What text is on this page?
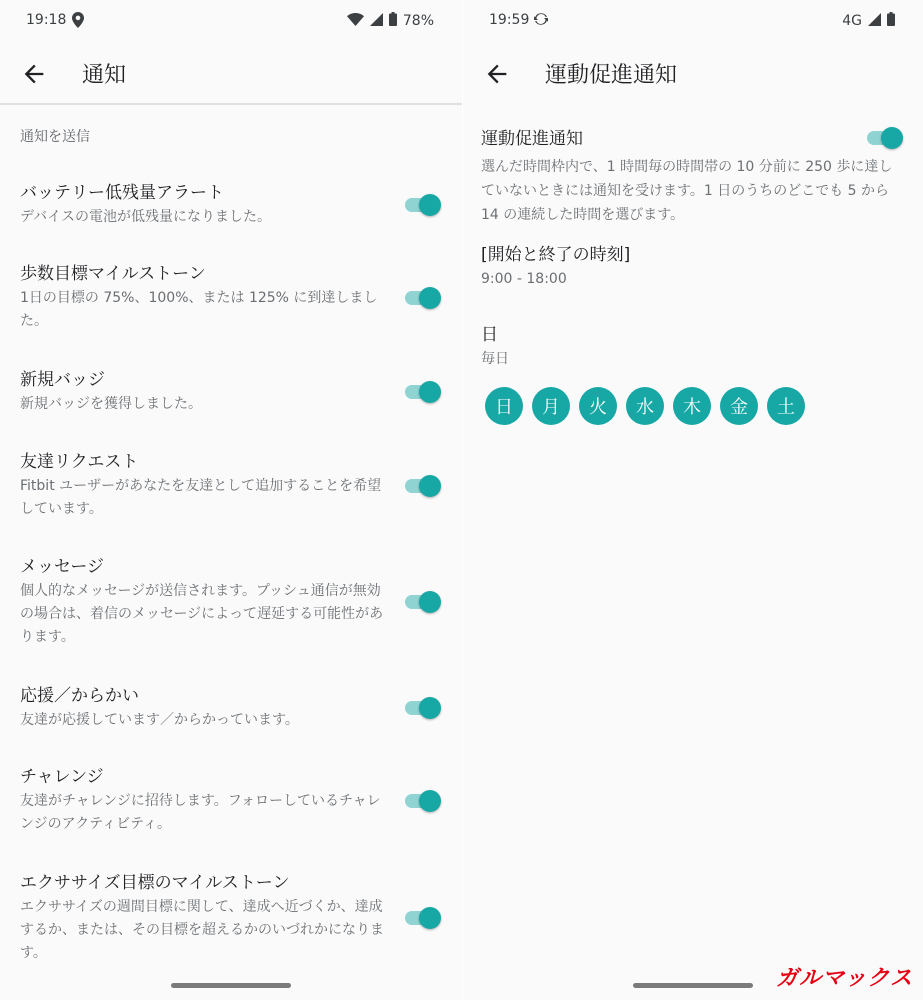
19:18	78%
通知
通知を送信
バッテリー低残量アラート
デバイスの電池が低残量になりました。
歩数目標マイルストーン
1日の目標の 75%、100%、または 125% に到達しました。
新規バッジ
新規バッジを獲得しました。
友達リクエスト
Fitbit ユーザーがあなたを友達として追加することを希望しています。
メッセージ
個人的なメッセージが送信されます。プッシュ通信が無効の場合は、着信のメッセージによって遅延する可能性があります。
応援／からかい
友達が応援しています／からかっています。
チャレンジ
友達がチャレンジに招待します。フォローしているチャレンジのアクティビティ。
エクササイズ目標のマイルストーン
エクササイズの週間目標に関して、達成へ近づくか、達成するか、または、その目標を超えるかのいづれかになります。
19:59	4G
運動促進通知
運動促進通知
選んだ時間枠内で、1 時間毎の時間帯の 10 分前に 250 歩に達していないときには通知を受けます。1 日のうちのどこでも 5 から 14 の連続した時間を選びます。
[開始と終了の時刻]
9:00 - 18:00
日
毎日
日	月	火	水	木	金	土
ガルマックス
